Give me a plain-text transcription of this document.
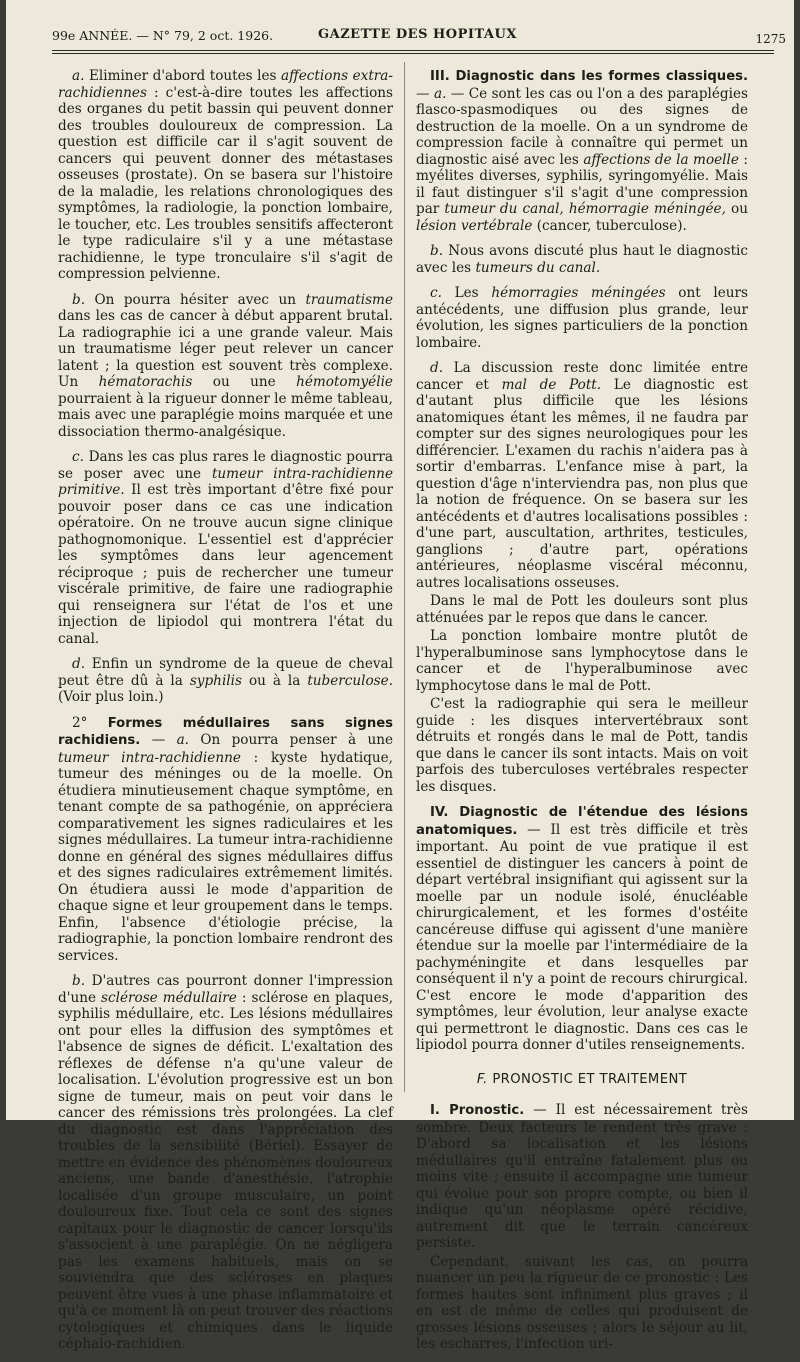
99e ANNÉE. — N° 79, 2 oct. 1926.	GAZETTE DES HOPITAUX	1275

a. Eliminer d'abord toutes les affections extra-rachidiennes : c'est-à-dire toutes les affections des organes du petit bassin qui peuvent donner des troubles douloureux de compression. La question est difficile car il s'agit souvent de cancers qui peuvent donner des métastases osseuses (prostate). On se basera sur l'histoire de la maladie, les relations chronologiques des symptômes, la radiologie, la ponction lombaire, le toucher, etc. Les troubles sensitifs affecteront le type radiculaire s'il y a une métastase rachidienne, le type tronculaire s'il s'agit de compression pelvienne.

b. On pourra hésiter avec un traumatisme dans les cas de cancer à début apparent brutal. La radiographie ici a une grande valeur. Mais un traumatisme léger peut relever un cancer latent ; la question est souvent très complexe. Un hématorachis ou une hémotomyélie pourraient à la rigueur donner le même tableau, mais avec une paraplégie moins marquée et une dissociation thermo-analgésique.

c. Dans les cas plus rares le diagnostic pourra se poser avec une tumeur intra-rachidienne primitive. Il est très important d'être fixé pour pouvoir poser dans ce cas une indication opératoire. On ne trouve aucun signe clinique pathognomonique. L'essentiel est d'apprécier les symptômes dans leur agencement réciproque ; puis de rechercher une tumeur viscérale primitive, de faire une radiographie qui renseignera sur l'état de l'os et une injection de lipiodol qui montrera l'état du canal.

d. Enfin un syndrome de la queue de cheval peut être dû à la syphilis ou à la tuberculose. (Voir plus loin.)

2° Formes médullaires sans signes rachidiens. — a. On pourra penser à une tumeur intra-rachidienne : kyste hydatique, tumeur des méninges ou de la moelle. On étudiera minutieusement chaque symptôme, en tenant compte de sa pathogénie, on appréciera comparativement les signes radiculaires et les signes médullaires. La tumeur intra-rachidienne donne en général des signes médullaires diffus et des signes radiculaires extrêmement limités. On étudiera aussi le mode d'apparition de chaque signe et leur groupement dans le temps. Enfin, l'absence d'étiologie précise, la radiographie, la ponction lombaire rendront des services.

b. D'autres cas pourront donner l'impression d'une sclérose médullaire : sclérose en plaques, syphilis médullaire, etc. Les lésions médullaires ont pour elles la diffusion des symptômes et l'absence de signes de déficit. L'exaltation des réflexes de défense n'a qu'une valeur de localisation. L'évolution progressive est un bon signe de tumeur, mais on peut voir dans le cancer des rémissions très prolongées. La clef du diagnostic est dans l'appréciation des troubles de la sensibilité (Bériel). Essayer de mettre en évidence des phénomènes douloureux anciens, une bande d'anesthésie, l'atrophie localisée d'un groupe musculaire, un point douloureux fixe. Tout cela ce sont des signes capitaux pour le diagnostic de cancer lorsqu'ils s'associent à une paraplégie. On ne négligera pas les examens habituels, mais on se souviendra que des scléroses en plaques peuvent être vues à une phase inflammatoire et qu'à ce moment là on peut trouver des réactions cytologiques et chimiques dans le liquide céphalo-rachidien.

III. Diagnostic dans les formes classiques. — a. — Ce sont les cas ou l'on a des paraplégies flasco-spasmodiques ou des signes de destruction de la moelle. On a un syndrome de compression facile à connaître qui permet un diagnostic aisé avec les affections de la moelle : myélites diverses, syphilis, syringomyélie. Mais il faut distinguer s'il s'agit d'une compression par tumeur du canal, hémorragie méningée, ou lésion vertébrale (cancer, tuberculose).

b. Nous avons discuté plus haut le diagnostic avec les tumeurs du canal.

c. Les hémorragies méningées ont leurs antécédents, une diffusion plus grande, leur évolution, les signes particuliers de la ponction lombaire.

d. La discussion reste donc limitée entre cancer et mal de Pott. Le diagnostic est d'autant plus difficile que les lésions anatomiques étant les mêmes, il ne faudra par compter sur des signes neurologiques pour les différencier. L'examen du rachis n'aidera pas à sortir d'embarras. L'enfance mise à part, la question d'âge n'interviendra pas, non plus que la notion de fréquence. On se basera sur les antécédents et d'autres localisations possibles : d'une part, auscultation, arthrites, testicules, ganglions ; d'autre part, opérations antérieures, néoplasme viscéral méconnu, autres localisations osseuses.

Dans le mal de Pott les douleurs sont plus atténuées par le repos que dans le cancer.

La ponction lombaire montre plutôt de l'hyperalbuminose sans lymphocytose dans le cancer et de l'hyperalbuminose avec lymphocytose dans le mal de Pott.

C'est la radiographie qui sera le meilleur guide : les disques intervertébraux sont détruits et rongés dans le mal de Pott, tandis que dans le cancer ils sont intacts. Mais on voit parfois des tuberculoses vertébrales respecter les disques.

IV. Diagnostic de l'étendue des lésions anatomiques. — Il est très difficile et très important. Au point de vue pratique il est essentiel de distinguer les cancers à point de départ vertébral insignifiant qui agissent sur la moelle par un nodule isolé, énucléable chirurgicalement, et les formes d'ostéite cancéreuse diffuse qui agissent d'une manière étendue sur la moelle par l'intermédiaire de la pachyméningite et dans lesquelles par conséquent il n'y a point de recours chirurgical. C'est encore le mode d'apparition des symptômes, leur évolution, leur analyse exacte qui permettront le diagnostic. Dans ces cas le lipiodol pourra donner d'utiles renseignements.

F. PRONOSTIC ET TRAITEMENT

I. Pronostic. — Il est nécessairement très sombre. Deux facteurs le rendent très grave : D'abord sa localisation et les lésions médullaires qu'il entraîne fatalement plus ou moins vite ; ensuite il accompagne une tumeur qui évolue pour son propre compte, ou bien il indique qu'un néoplasme opéré récidive, autrement dit que le terrain cancéreux persiste.

Cependant, suivant les cas, on pourra nuancer un peu la rigueur de ce pronostic : Les formes hautes sont infiniment plus graves ; il en est de même de celles qui produisent de grosses lésions osseuses ; alors le séjour au lit, les escharres, l'infection uri-
